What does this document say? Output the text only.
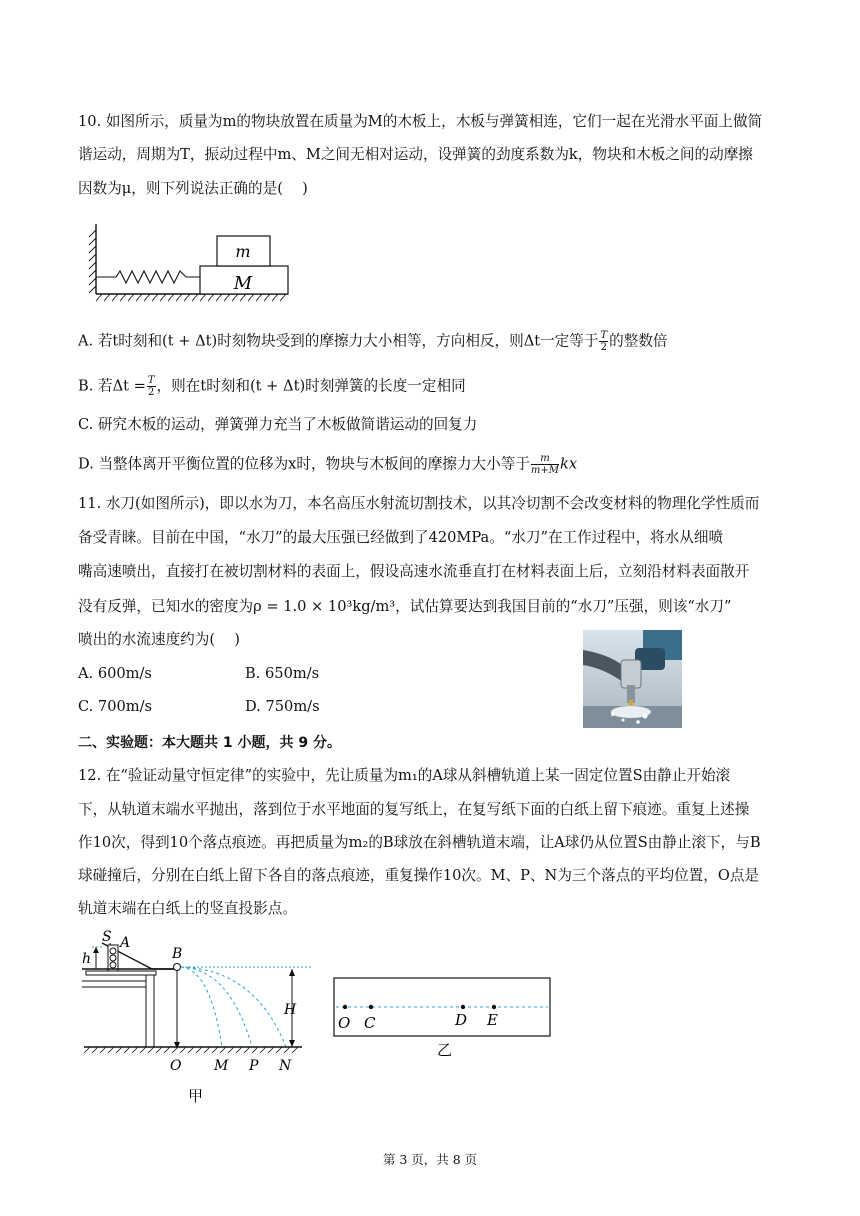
10. 如图所示，质量为m的物块放置在质量为M的木板上，木板与弹簧相连，它们一起在光滑水平面上做简
谐运动，周期为T，振动过程中m、M之间无相对运动，设弹簧的劲度系数为k，物块和木板之间的动摩擦
因数为μ，则下列说法正确的是(　 )
m
M
A. 若t时刻和(t + Δt)时刻物块受到的摩擦力大小相等，方向相反，则Δt一定等于 $\frac{T}{2}$ 的整数倍
B. 若$\Delta t = \frac{T}{2}$ ，则在t时刻和(t + Δt)时刻弹簧的长度一定相同
C. 研究木板的运动，弹簧弹力充当了木板做简谐运动的回复力
D. 当整体离开平衡位置的位移为x时，物块与木板间的摩擦力大小等于 $\frac{m}{m+M}$ kx
11. 水刀(如图所示)，即以水为刀，本名高压水射流切割技术，以其冷切割不会改变材料的物理化学性质而
备受青睐。目前在中国，“水刀”的最大压强已经做到了420MPa。“水刀”在工作过程中，将水从细喷
嘴高速喷出，直接打在被切割材料的表面上，假设高速水流垂直打在材料表面上后，立刻沿材料表面散开
没有反弹，已知水的密度为ρ = 1.0 × 10³kg/m³，试估算要达到我国目前的“水刀”压强，则该“水刀”
喷出的水流速度约为(　 )
A. 600m/s	B. 650m/s
C. 700m/s	D. 750m/s
二、实验题：本大题共 1 小题，共 9 分。
12. 在“验证动量守恒定律”的实验中，先让质量为m₁的A球从斜槽轨道上某一固定位置S由静止开始滚
下，从轨道末端水平抛出，落到位于水平地面的复写纸上，在复写纸下面的白纸上留下痕迹。重复上述操
作10次，得到10个落点痕迹。再把质量为m₂的B球放在斜槽轨道末端，让A球仍从位置S由静止滚下，与B
球碰撞后，分别在白纸上留下各自的落点痕迹，重复操作10次。M、P、N为三个落点的平均位置，O点是
轨道末端在白纸上的竖直投影点。
S A
h	B
H
O M P N
甲
O C	D E
乙
第 3 页，共 8 页
